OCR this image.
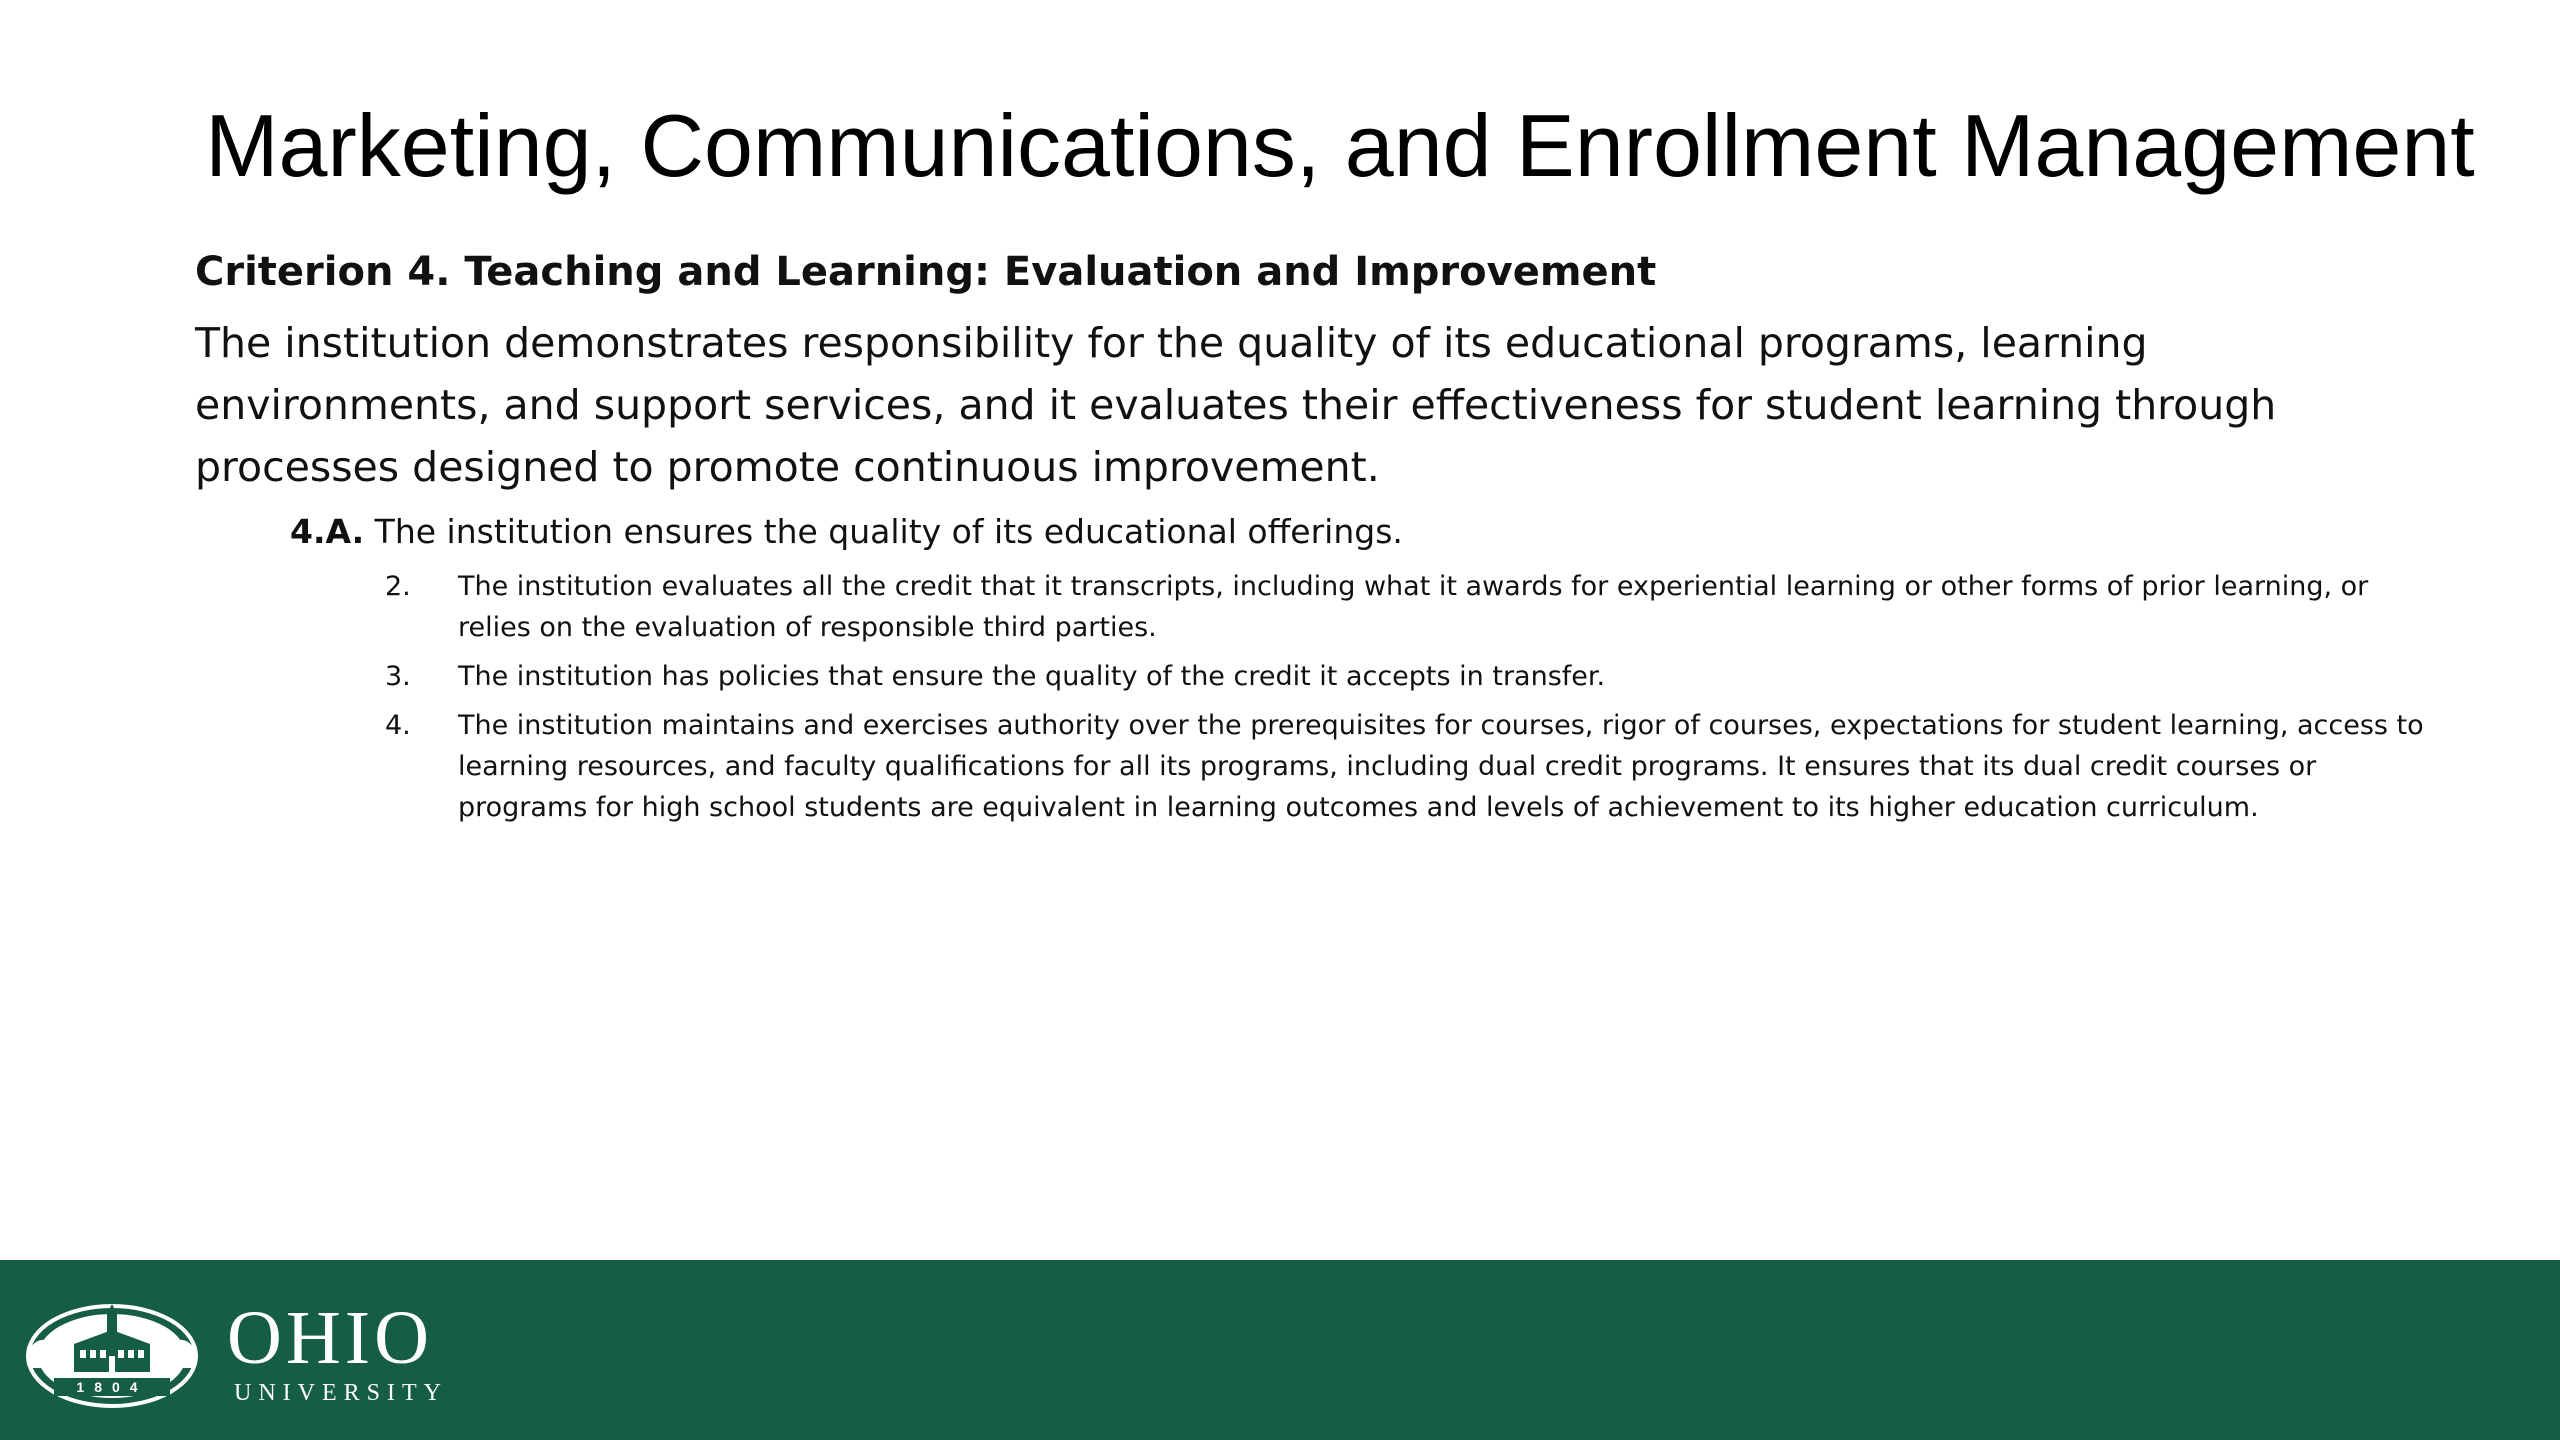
Marketing, Communications, and Enrollment Management
Criterion 4. Teaching and Learning: Evaluation and Improvement
The institution demonstrates responsibility for the quality of its educational programs, learning environments, and support services, and it evaluates their effectiveness for student learning through processes designed to promote continuous improvement.
4.A. The institution ensures the quality of its educational offerings.
2. The institution evaluates all the credit that it transcripts, including what it awards for experiential learning or other forms of prior learning, or relies on the evaluation of responsible third parties.
3. The institution has policies that ensure the quality of the credit it accepts in transfer.
4. The institution maintains and exercises authority over the prerequisites for courses, rigor of courses, expectations for student learning, access to learning resources, and faculty qualifications for all its programs, including dual credit programs. It ensures that its dual credit courses or programs for high school students are equivalent in learning outcomes and levels of achievement to its higher education curriculum.
1804
OHIO
UNIVERSITY
